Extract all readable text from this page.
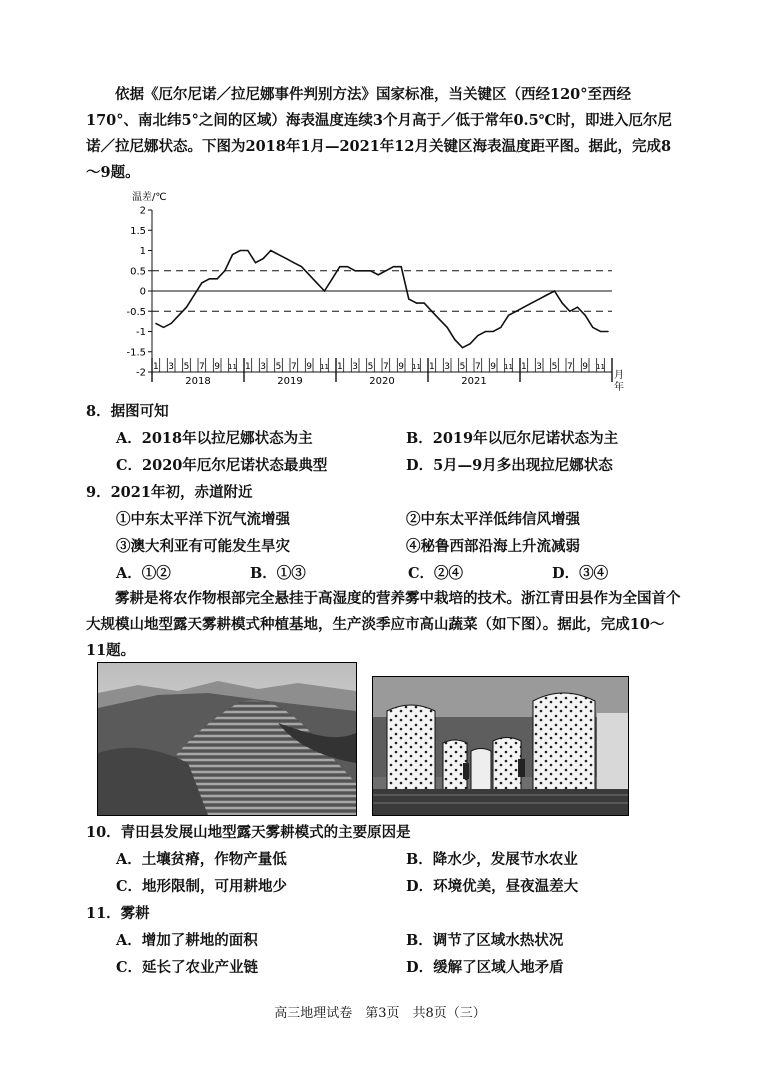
依据《厄尔尼诺／拉尼娜事件判别方法》国家标准，当关键区（西经120°至西经170°、南北纬5°之间的区域）海表温度连续3个月高于／低于常年0.5℃时，即进入厄尔尼诺／拉尼娜状态。下图为2018年1月—2021年12月关键区海表温度距平图。据此，完成8～9题。
温差/℃
2
1.5
1
0.5
0
-0.5
-1
-1.5
-2
1 3 5 7 9 11 1 3 5 7 9 11 1 3 5 7 9 11 1 3 5 7 9 11 1 3 5 7 9 11
2018	2019	2020	2021
月
年
8．据图可知
A．2018年以拉尼娜状态为主	B．2019年以厄尔尼诺状态为主
C．2020年厄尔尼诺状态最典型	D．5月—9月多出现拉尼娜状态
9．2021年初，赤道附近
①中东太平洋下沉气流增强	②中东太平洋低纬信风增强
③澳大利亚有可能发生旱灾	④秘鲁西部沿海上升流减弱
A．①②	B．①③	C．②④	D．③④
雾耕是将农作物根部完全悬挂于高湿度的营养雾中栽培的技术。浙江青田县作为全国首个大规模山地型露天雾耕模式种植基地，生产淡季应市高山蔬菜（如下图）。据此，完成10～11题。
10．青田县发展山地型露天雾耕模式的主要原因是
A．土壤贫瘠，作物产量低	B．降水少，发展节水农业
C．地形限制，可用耕地少	D．环境优美，昼夜温差大
11．雾耕
A．增加了耕地的面积	B．调节了区域水热状况
C．延长了农业产业链	D．缓解了区域人地矛盾
高三地理试卷　第3页　共8页（三）
